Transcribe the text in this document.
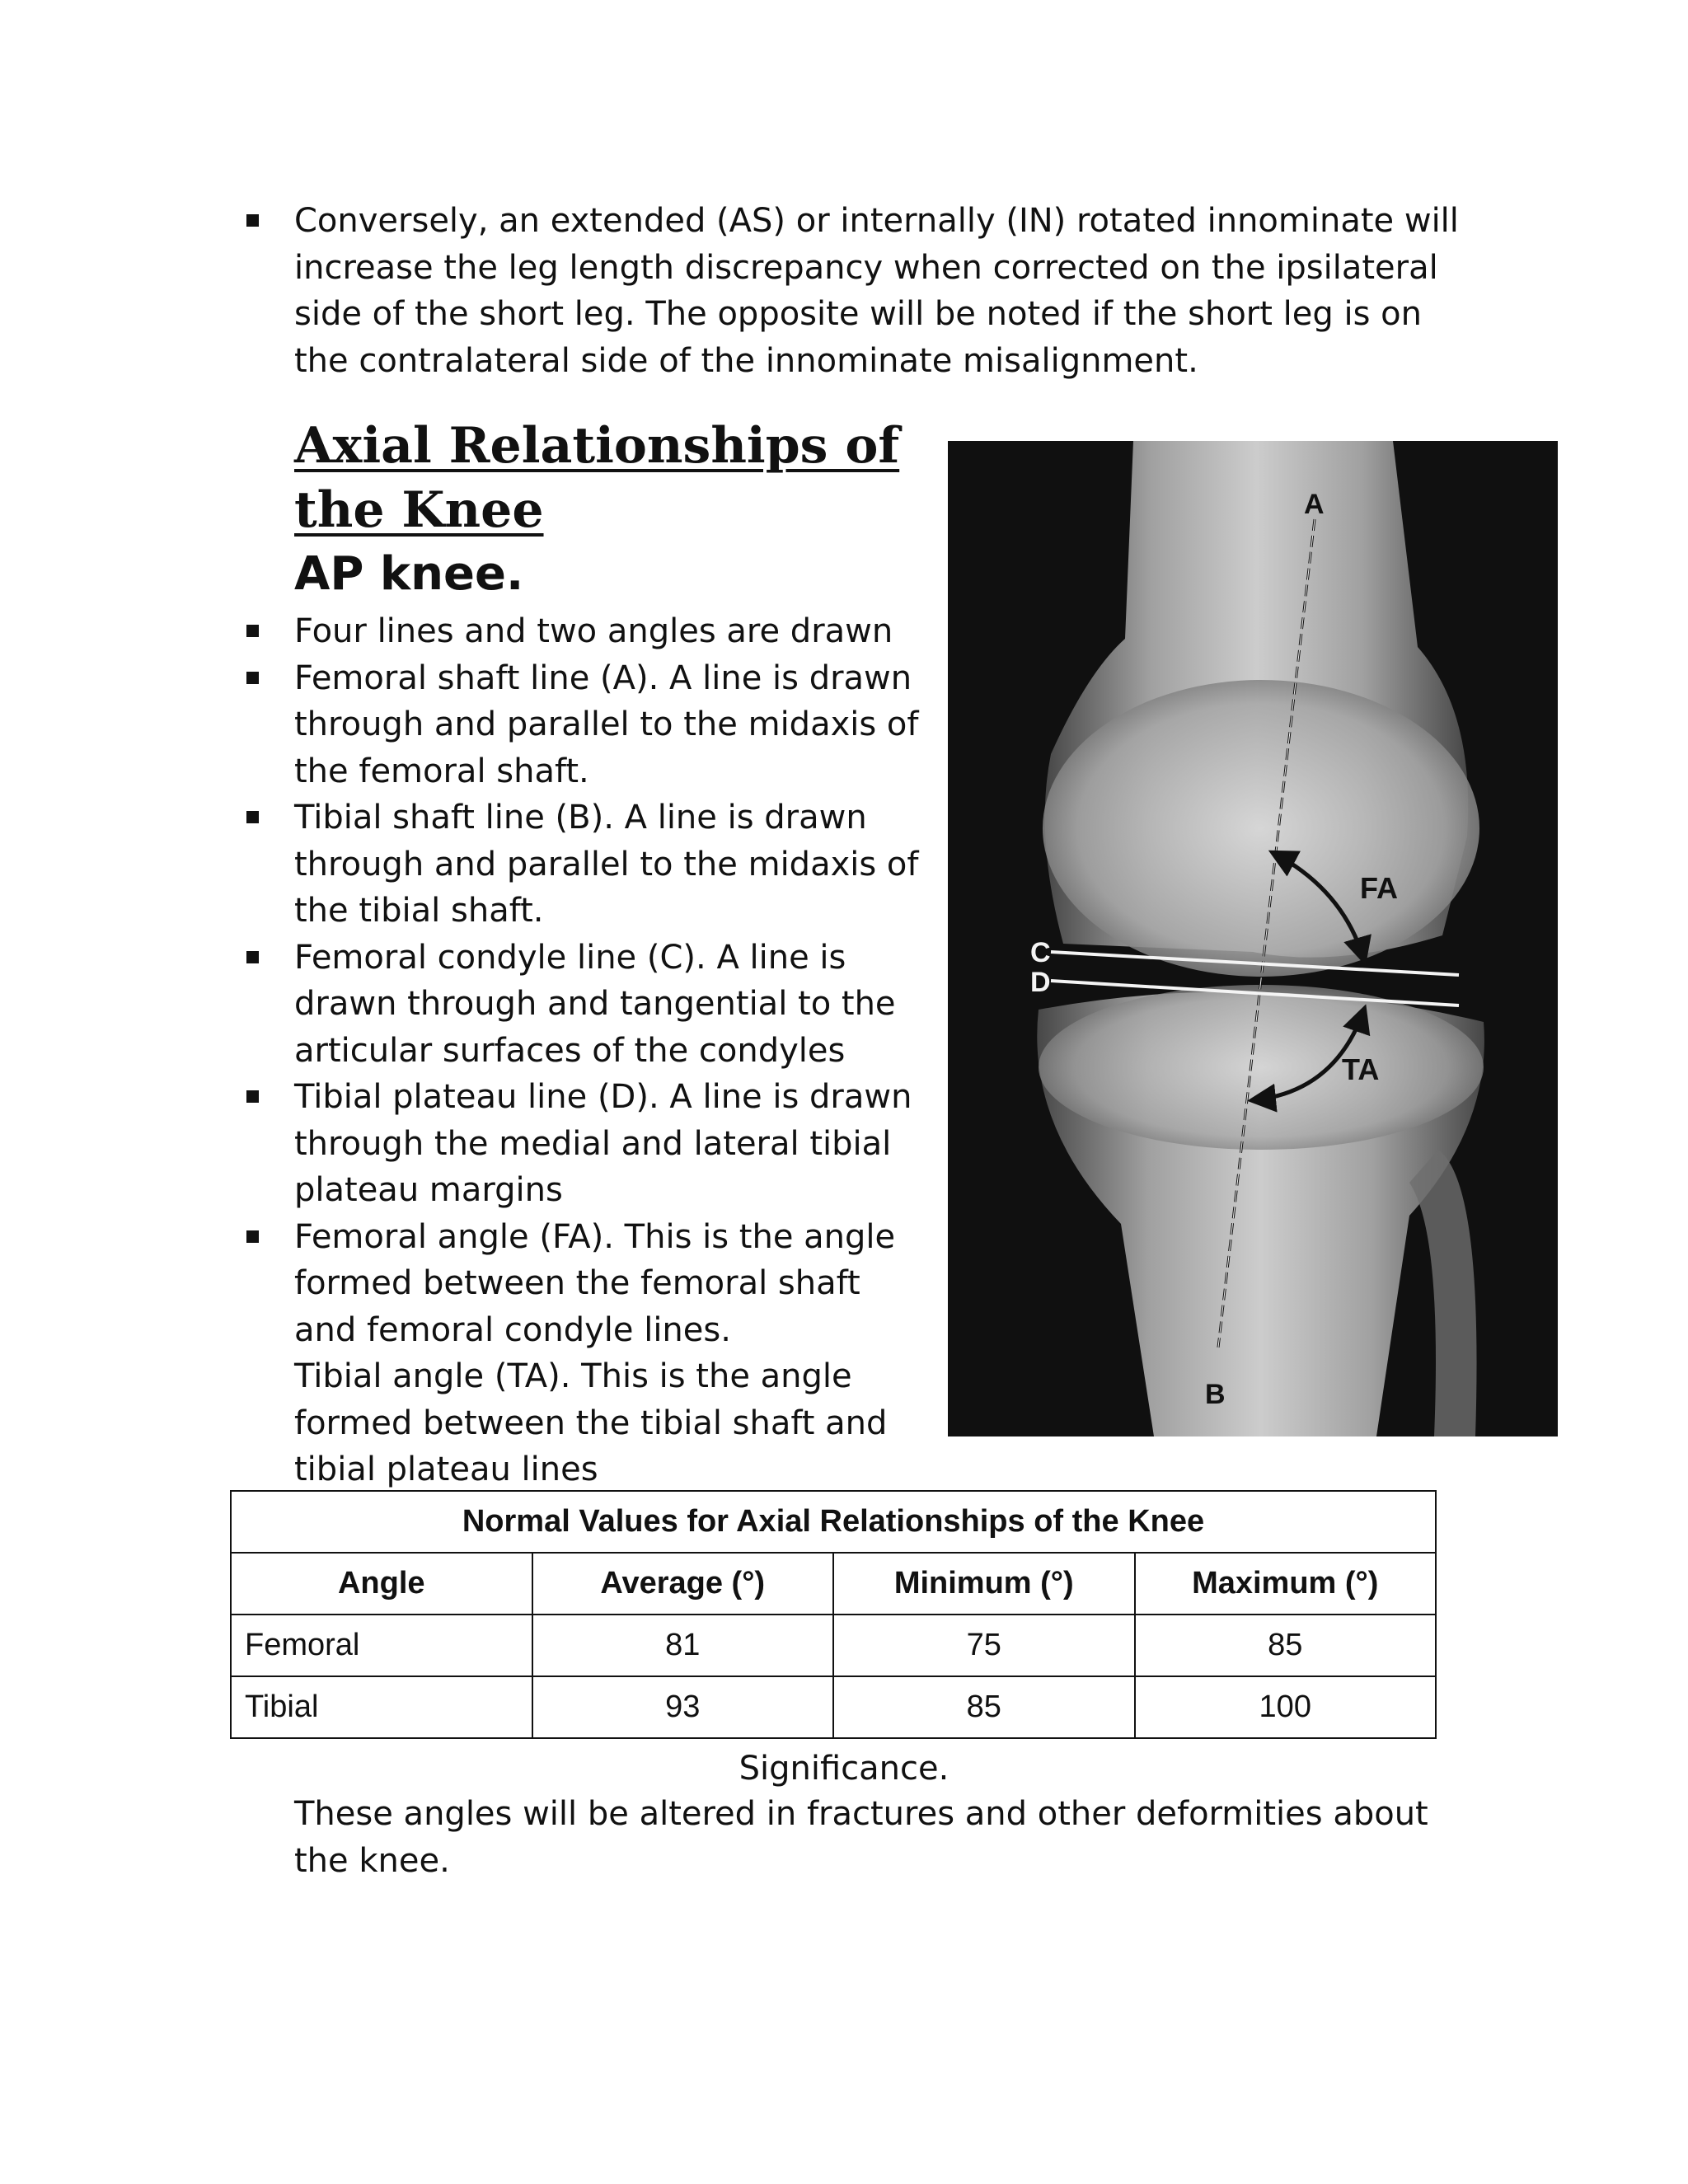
Conversely, an extended (AS) or internally (IN) rotated innominate will increase the leg length discrepancy when corrected on the ipsilateral side of the short leg. The opposite will be noted if the short leg is on the contralateral side of the innominate misalignment.
Axial Relationships of the Knee
AP knee.
Four lines and two angles are drawn
Femoral shaft line (A). A line is drawn through and parallel to the midaxis of the femoral shaft.
Tibial shaft line (B). A line is drawn through and parallel to the midaxis of the tibial shaft.
Femoral condyle line (C). A line is drawn through and tangential to the articular surfaces of the condyles
Tibial plateau line (D). A line is drawn through the medial and lateral tibial plateau margins
Femoral angle (FA). This is the angle formed between the femoral shaft and femoral condyle lines.
Tibial angle (TA). This is the angle formed between the tibial shaft and tibial plateau lines
A
B
C
D
FA
TA
Normal Values for Axial Relationships of the Knee			
Angle	Average (°)	Minimum (°)	Maximum (°)
Femoral	81	75	85
Tibial	93	85	100
Significance.
These angles will be altered in fractures and other deformities about the knee.
